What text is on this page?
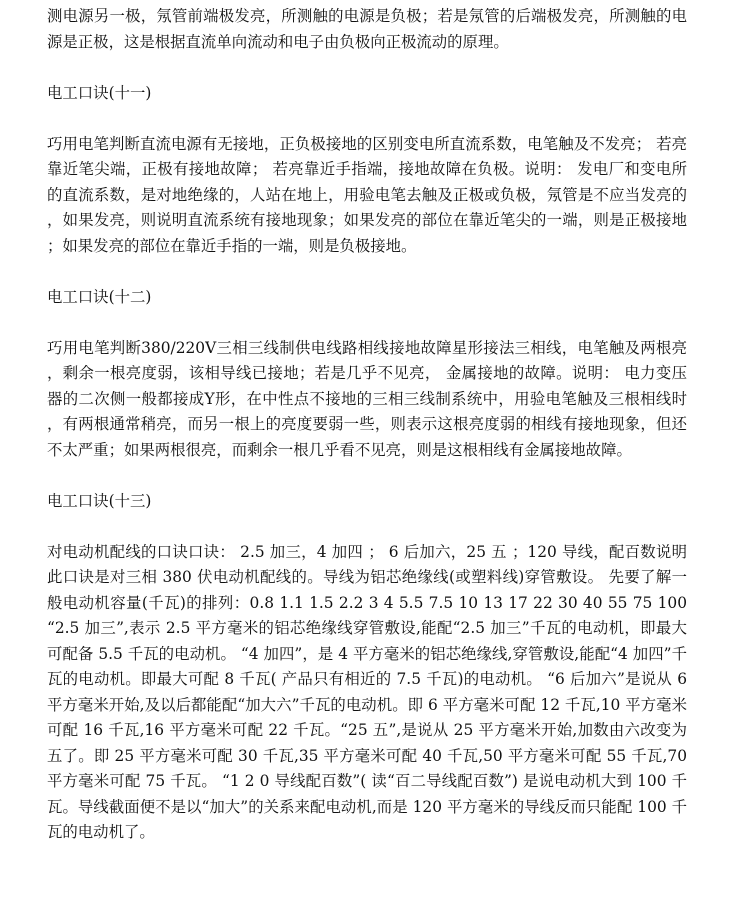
测电源另一极，氖管前端极发亮，所测触的电源是负极；若是氖管的后端极发亮，所测触的电源是正极，这是根据直流单向流动和电子由负极向正极流动的原理。

电工口诀(十一)

巧用电笔判断直流电源有无接地，正负极接地的区别变电所直流系数，电笔触及不发亮； 若亮靠近笔尖端，正极有接地故障； 若亮靠近手指端，接地故障在负极。说明： 发电厂和变电所的直流系数，是对地绝缘的，人站在地上，用验电笔去触及正极或负极，氖管是不应当发亮的，如果发亮，则说明直流系统有接地现象；如果发亮的部位在靠近笔尖的一端，则是正极接地；如果发亮的部位在靠近手指的一端，则是负极接地。

电工口诀(十二)

巧用电笔判断380/220V三相三线制供电线路相线接地故障星形接法三相线，电笔触及两根亮，剩余一根亮度弱，该相导线已接地；若是几乎不见亮， 金属接地的故障。说明： 电力变压器的二次侧一般都接成Y形，在中性点不接地的三相三线制系统中，用验电笔触及三根相线时，有两根通常稍亮，而另一根上的亮度要弱一些，则表示这根亮度弱的相线有接地现象，但还不太严重；如果两根很亮，而剩余一根几乎看不见亮，则是这根相线有金属接地故障。

电工口诀(十三)

对电动机配线的口诀口诀： 2.5 加三，4 加四 ； 6 后加六，25 五 ；120 导线，配百数说明此口诀是对三相 380 伏电动机配线的。导线为铝芯绝缘线(或塑料线)穿管敷设。 先要了解一般电动机容量(千瓦)的排列：0.8 1.1 1.5 2.2 3 4 5.5 7.5 10 13 17 22 30 40 55 75 100 “2.5 加三”,表示 2.5 平方毫米的铝芯绝缘线穿管敷设,能配“2.5 加三”千瓦的电动机，即最大可配备 5.5 千瓦的电动机。 “4 加四”，是 4 平方毫米的铝芯绝缘线,穿管敷设,能配“4 加四”千瓦的电动机。即最大可配 8 千瓦( 产品只有相近的 7.5 千瓦)的电动机。 “6 后加六”是说从 6 平方毫米开始,及以后都能配“加大六”千瓦的电动机。即 6 平方毫米可配 12 千瓦,10 平方毫米可配 16 千瓦,16 平方毫米可配 22 千瓦。“25 五”,是说从 25 平方毫米开始,加数由六改变为五了。即 25 平方毫米可配 30 千瓦,35 平方毫米可配 40 千瓦,50 平方毫米可配 55 千瓦,70 平方毫米可配 75 千瓦。 “1 2 0 导线配百数”( 读“百二导线配百数”) 是说电动机大到 100 千瓦。导线截面便不是以“加大”的关系来配电动机,而是 120 平方毫米的导线反而只能配 100 千瓦的电动机了。
